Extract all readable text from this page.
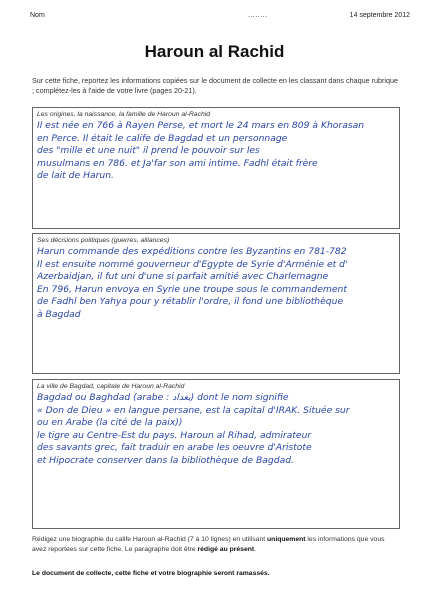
Nom	........	14 septembre 2012
Haroun al Rachid
Sur cette fiche, reportez les informations copiées sur le document de collecte en les classant dans chaque rubrique ; complétez-les à l'aide de votre livre (pages 20-21).
Les origines, la naissance, la famille de Haroun al-Rachid
Il est née en 766 à Rayen Perse, et mort le 24 mars en 809 à Khorasan
en Perce. Il était le calife de Bagdad et un personnage
des "mille et une nuit" il prend le pouvoir sur les
musulmans en 786. et Ja'far son ami intime. Fadhl était frère
de lait de Harun.
Ses décisions politiques (guerres, alliances)
Harun commande des expéditions contre les Byzantins en 781-782
Il est ensuite nommé gouverneur d'Egypte de Syrie d'Arménie et d'
Azerbaidjan, il fut uni d'une si parfait amitié avec Charlemagne
En 796, Harun envoya en Syrie une troupe sous le commandement
de Fadhl ben Yahya pour y rétablir l'ordre, il fond une bibliothèque
à Bagdad
La ville de Bagdad, capitale de Haroun al-Rachid
Bagdad ou Baghdad (arabe : بغداد) dont le nom signifie
« Don de Dieu » en langue persane, est la capital d'IRAK. Située sur
ou en Arabe (la cité de la paix))
le tigre au Centre-Est du pays. Haroun al Rihad, admirateur
des savants grec, fait traduir en arabe les oeuvre d'Aristote
et Hipocrate conserver dans la bibliothèque de Bagdad.
Rédigez une biographie du calife Haroun al-Rachid (7 à 10 lignes) en utilisant uniquement les informations que vous avez reportées sur cette fiche. Le paragraphe doit être rédigé au présent.
Le document de collecte, cette fiche et votre biographie seront ramassés.
